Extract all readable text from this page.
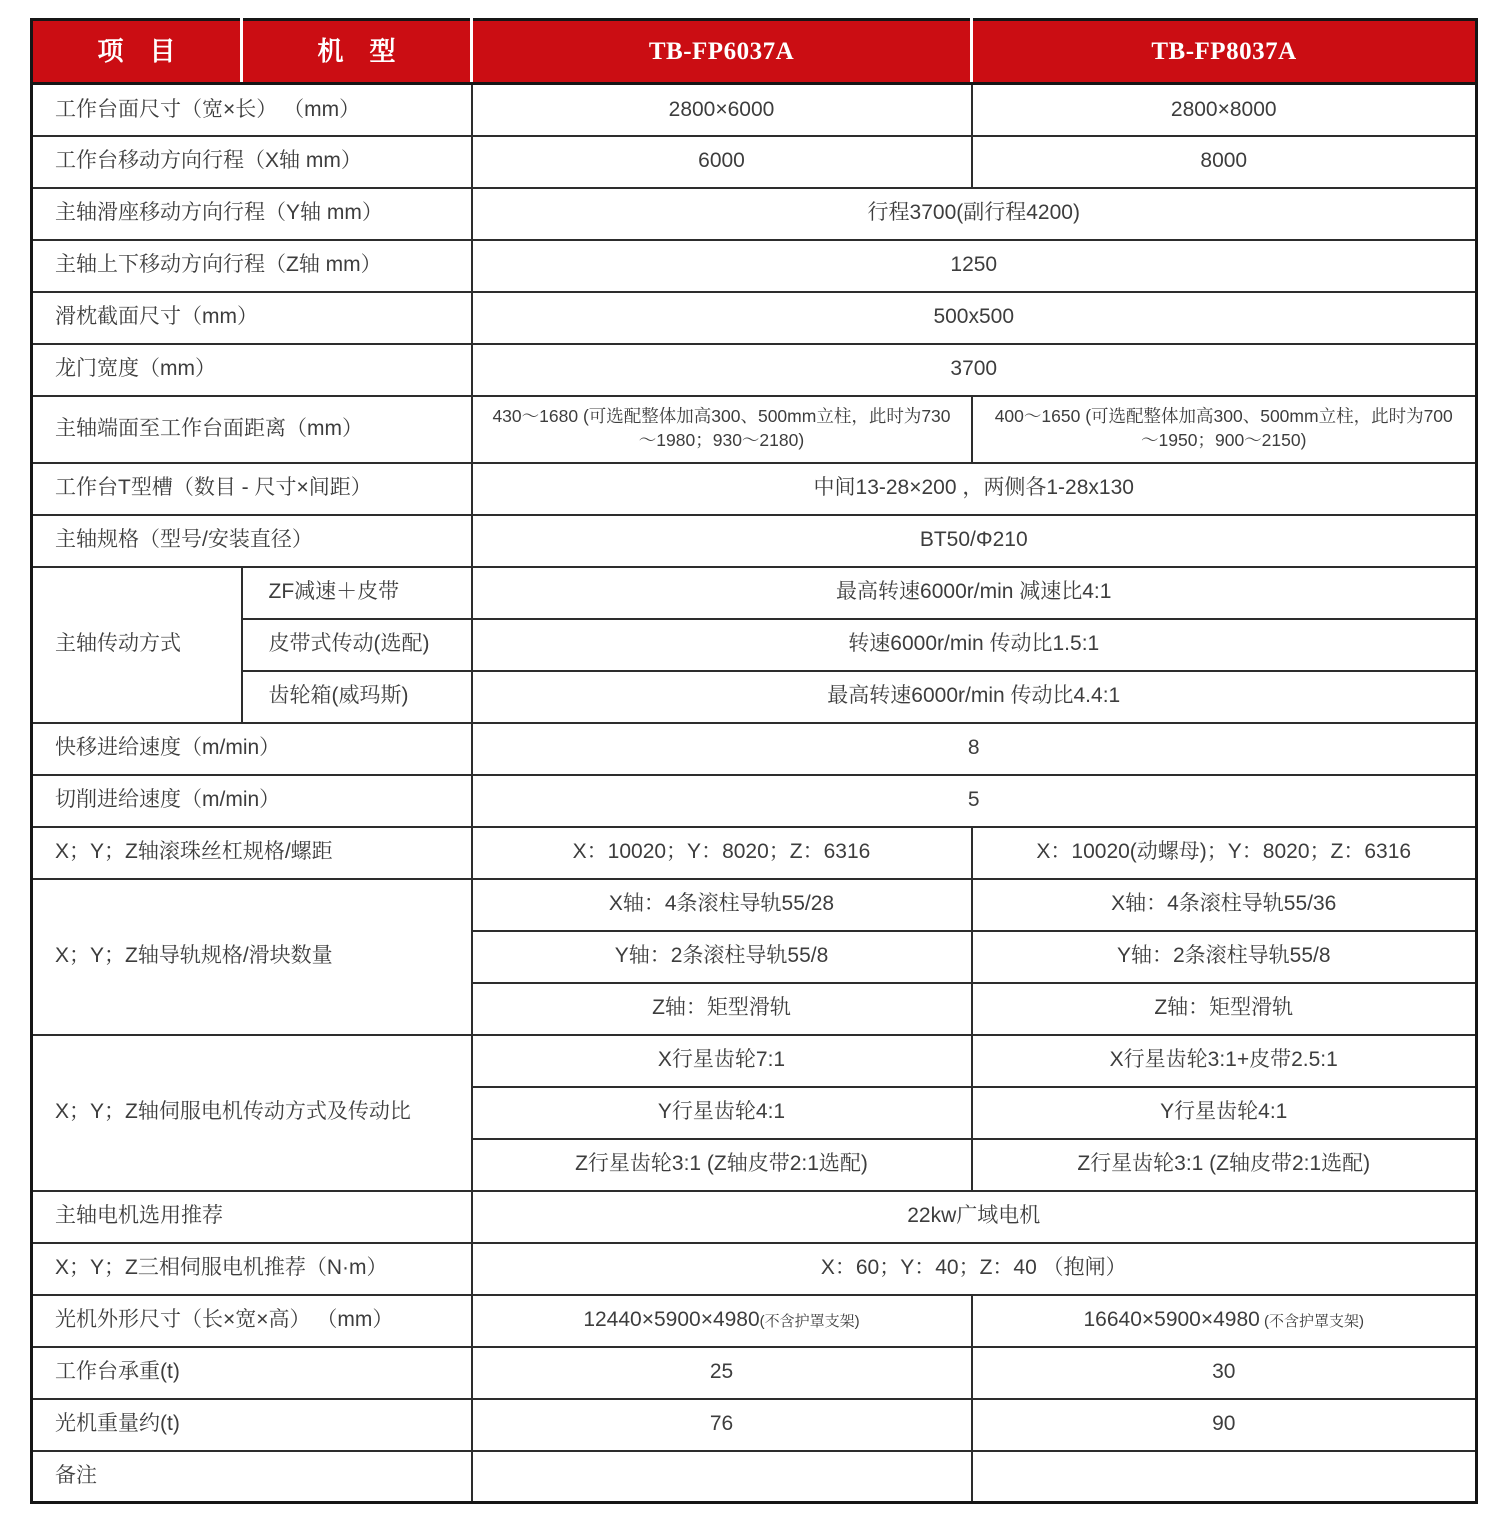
项　目	机　型	TB-FP6037A	TB-FP8037A
工作台面尺寸（宽×长） （mm）		2800×6000	2800×8000
工作台移动方向行程（X轴 mm）		6000	8000
主轴滑座移动方向行程（Y轴 mm）		行程3700(副行程4200)	
主轴上下移动方向行程（Z轴 mm）		1250	
滑枕截面尺寸（mm）		500x500	
龙门宽度（mm）		3700	
主轴端面至工作台面距离（mm）		430～1680 (可选配整体加高300、500mm立柱，此时为730～1980；930～2180)	400～1650 (可选配整体加高300、500mm立柱，此时为700～1950；900～2150)
工作台T型槽（数目 - 尺寸×间距）		中间13-28×200 ，两侧各1-28x130	
主轴规格（型号/安装直径）		BT50/Φ210	
主轴传动方式	ZF减速＋皮带	最高转速6000r/min 减速比4:1	
	皮带式传动(选配)	转速6000r/min 传动比1.5:1	
	齿轮箱(威玛斯)	最高转速6000r/min 传动比4.4:1	
快移进给速度（m/min）		8	
切削进给速度（m/min）		5	
X；Y；Z轴滚珠丝杠规格/螺距		X：10020；Y：8020；Z：6316	X：10020(动螺母)；Y：8020；Z：6316
X；Y；Z轴导轨规格/滑块数量		X轴：4条滚柱导轨55/28	X轴：4条滚柱导轨55/36
		Y轴：2条滚柱导轨55/8	Y轴：2条滚柱导轨55/8
		Z轴：矩型滑轨	Z轴：矩型滑轨
X；Y；Z轴伺服电机传动方式及传动比		X行星齿轮7:1	X行星齿轮3:1+皮带2.5:1
		Y行星齿轮4:1	Y行星齿轮4:1
		Z行星齿轮3:1 (Z轴皮带2:1选配)	Z行星齿轮3:1 (Z轴皮带2:1选配)
主轴电机选用推荐		22kw广域电机	
X；Y；Z三相伺服电机推荐（N·m）		X：60；Y：40；Z：40 （抱闸）	
光机外形尺寸（长×宽×高） （mm）		12440×5900×4980(不含护罩支架)	16640×5900×4980 (不含护罩支架)
工作台承重(t)		25	30
光机重量约(t)		76	90
备注			
